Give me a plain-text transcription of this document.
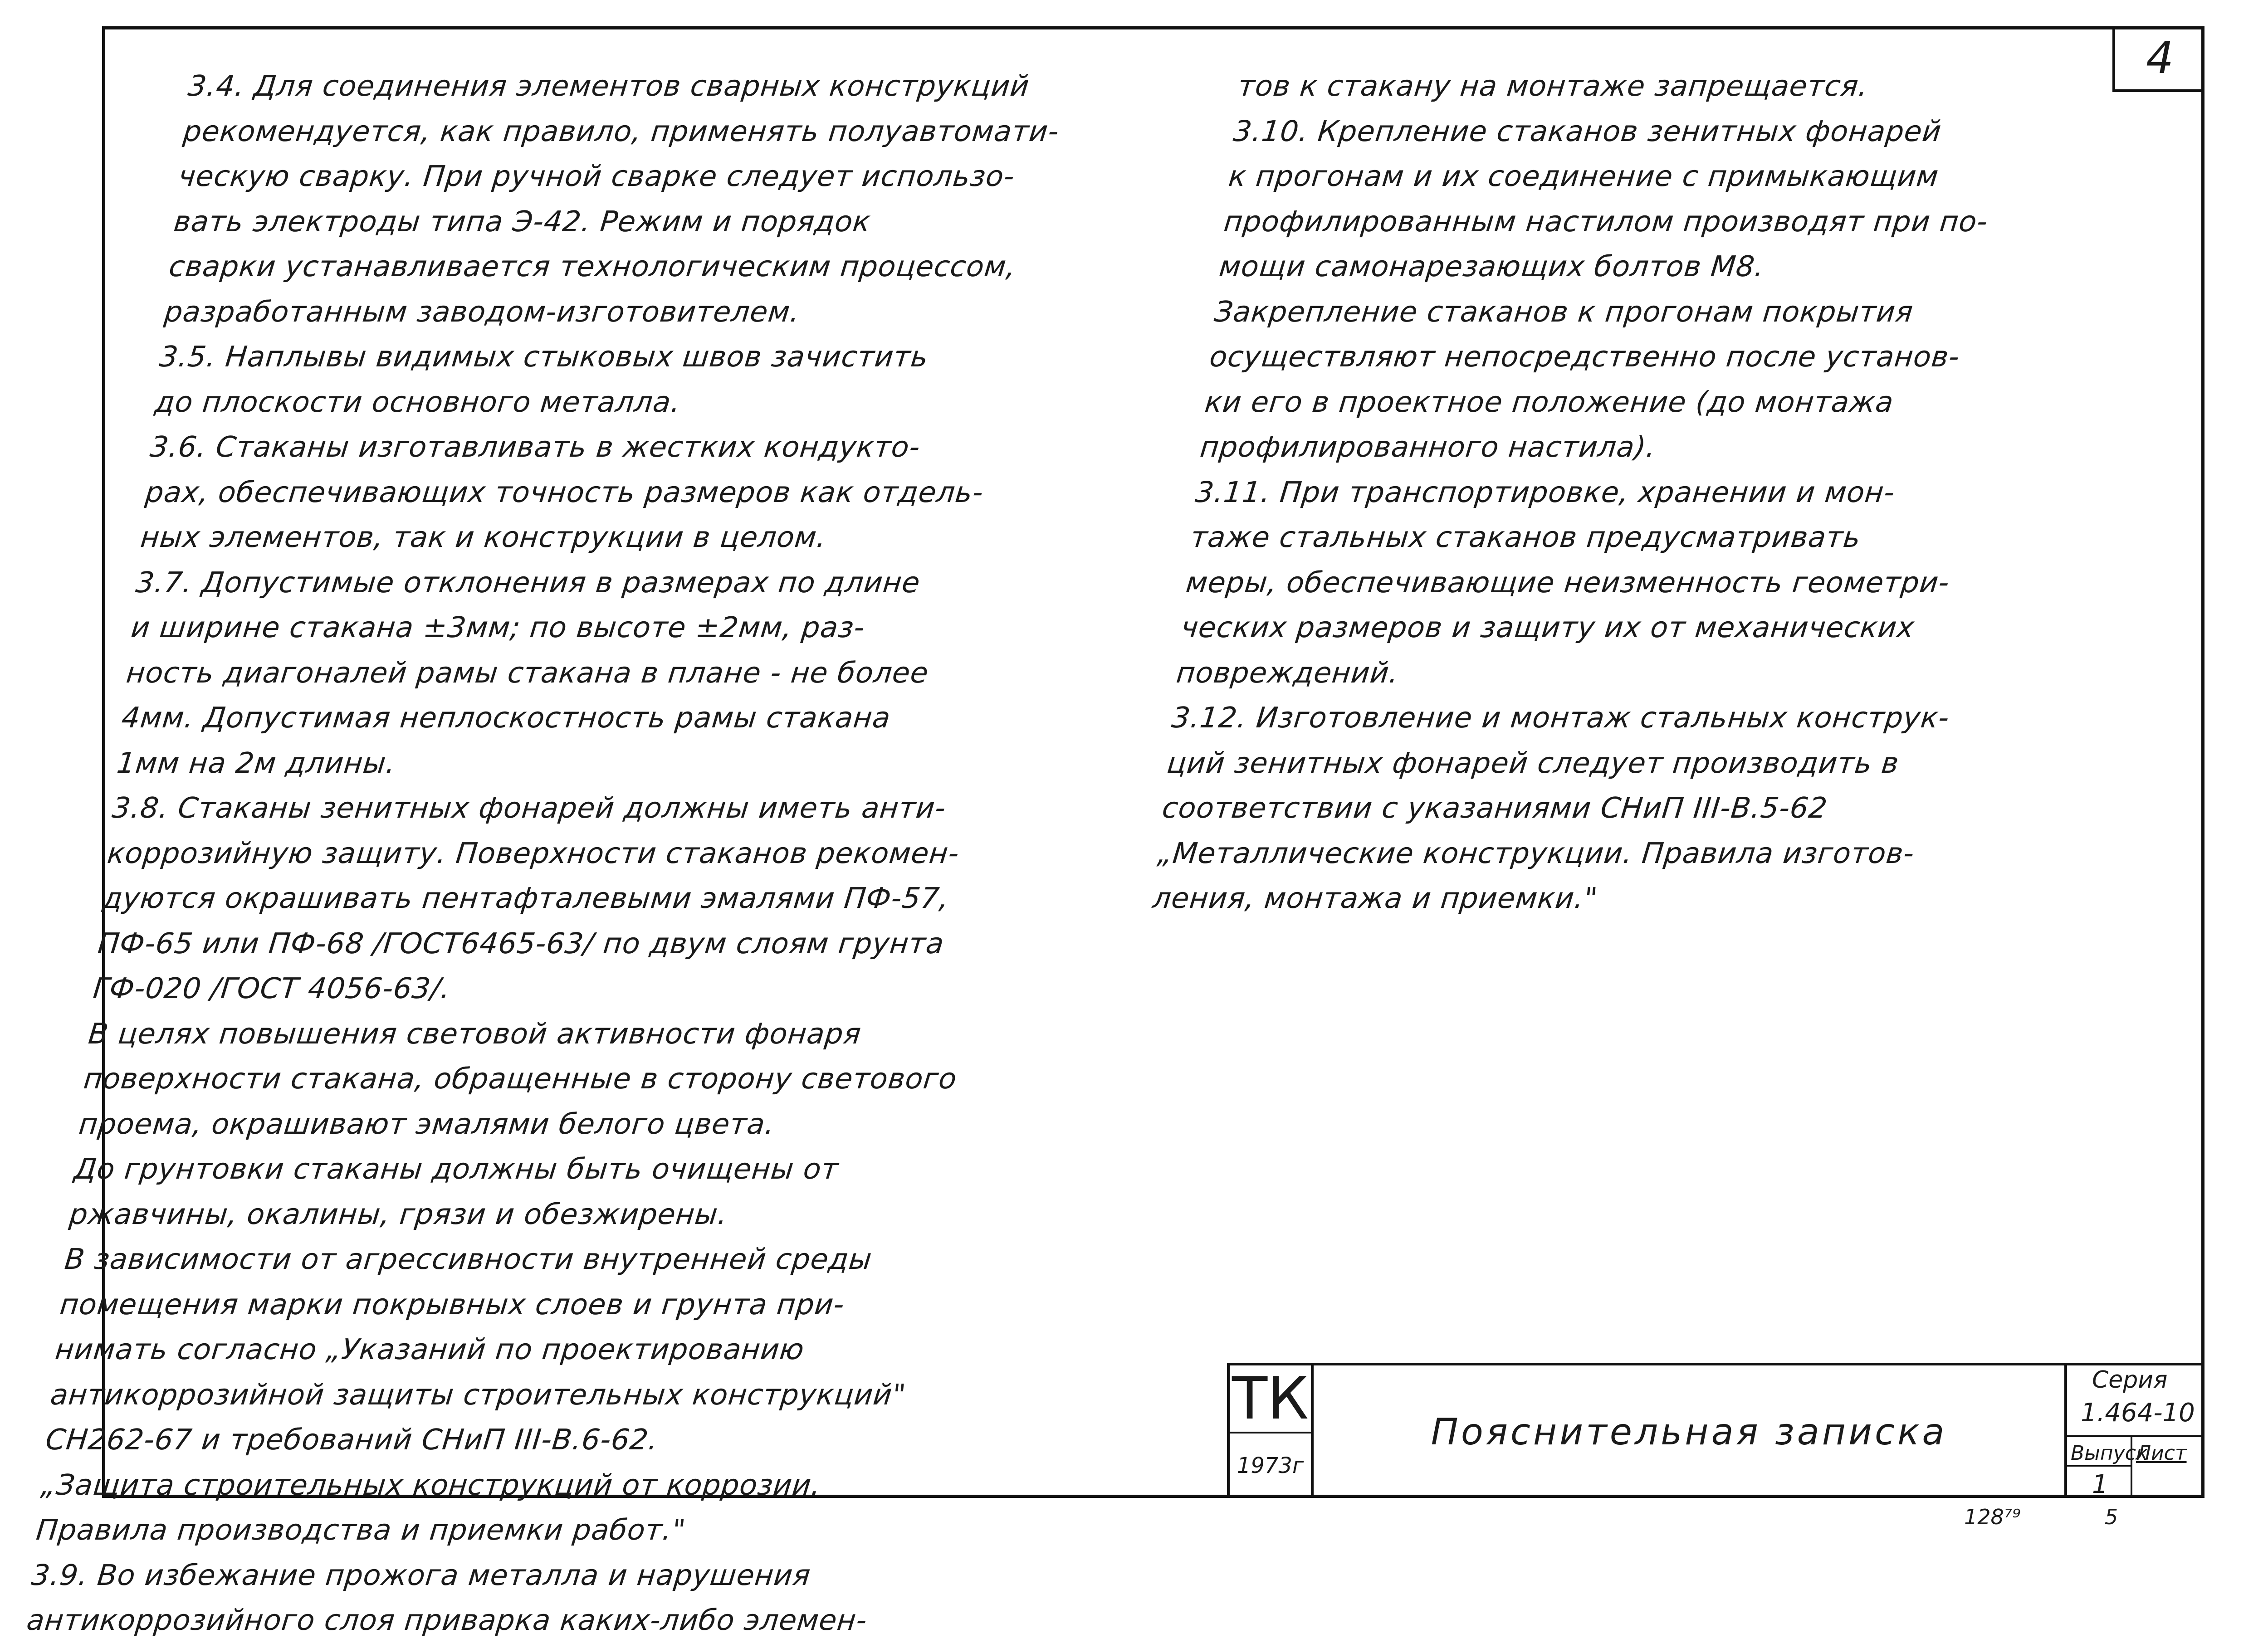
4

3.4. Для соединения элементов сварных конструкций

рекомендуется, как правило, применять полуавтомати-

ческую сварку. При ручной сварке следует использо-

вать электроды типа Э-42. Режим и порядок

сварки устанавливается технологическим процессом,

разработанным заводом-изготовителем.

3.5. Наплывы видимых стыковых швов зачистить

до плоскости основного металла.

3.6. Стаканы изготавливать в жестких кондукто-

рах, обеспечивающих точность размеров как отдель-

ных элементов, так и конструкции в целом.

3.7. Допустимые отклонения в размерах по длине

и ширине стакана ±3мм; по высоте ±2мм, раз-

ность диагоналей рамы стакана в плане - не более

4мм. Допустимая неплоскостность рамы стакана

1мм на 2м длины.

3.8. Стаканы зенитных фонарей должны иметь анти-

коррозийную защиту. Поверхности стаканов рекомен-

дуются окрашивать пентафталевыми эмалями ПФ-57,

ПФ-65 или ПФ-68 /ГОСТ6465-63/ по двум слоям грунта

ГФ-020 /ГОСТ 4056-63/.

В целях повышения световой активности фонаря

поверхности стакана, обращенные в сторону светового

проема, окрашивают эмалями белого цвета.

До грунтовки стаканы должны быть очищены от

ржавчины, окалины, грязи и обезжирены.

В зависимости от агрессивности внутренней среды

помещения марки покрывных слоев и грунта при-

нимать согласно „Указаний по проектированию

антикоррозийной защиты строительных конструкций"

СН262-67 и требований СНиП III-В.6-62.

„Защита строительных конструкций от коррозии.

Правила производства и приемки работ."

3.9. Во избежание прожога металла и нарушения

антикоррозийного слоя приварка каких-либо элемен-

тов к стакану на монтаже запрещается.

3.10. Крепление стаканов зенитных фонарей

к прогонам и их соединение с примыкающим

профилированным настилом производят при по-

мощи самонарезающих болтов М8.

Закрепление стаканов к прогонам покрытия

осуществляют непосредственно после установ-

ки его в проектное положение (до монтажа

профилированного настила).

3.11. При транспортировке, хранении и мон-

таже стальных стаканов предусматривать

меры, обеспечивающие неизменность геометри-

ческих размеров и защиту их от механических

повреждений.

3.12. Изготовление и монтаж стальных конструк-

ций зенитных фонарей следует производить в

соответствии с указаниями СНиП III-В.5-62

„Металлические конструкции. Правила изготов-

ления, монтажа и приемки."

ТК
1973г
Пояснительная записка
Серия
1.464-10
Выпуск
1
Лист
128⁷⁹	5
